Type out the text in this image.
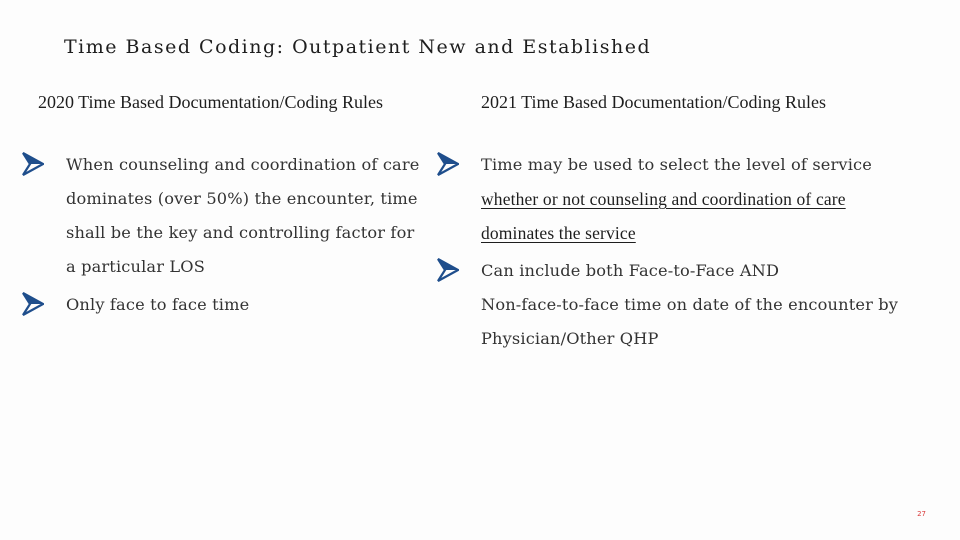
Time Based Coding: Outpatient New and Established
2020 Time Based Documentation/Coding Rules	2021 Time Based Documentation/Coding Rules
When counseling and coordination of care
dominates (over 50%) the encounter, time
shall be the key and controlling factor for
a particular LOS
Only face to face time
Time may be used to select the level of service
whether or not counseling and coordination of care
dominates the service
Can include both Face-to-Face AND
Non-face-to-face time on date of the encounter by
Physician/Other QHP
27
